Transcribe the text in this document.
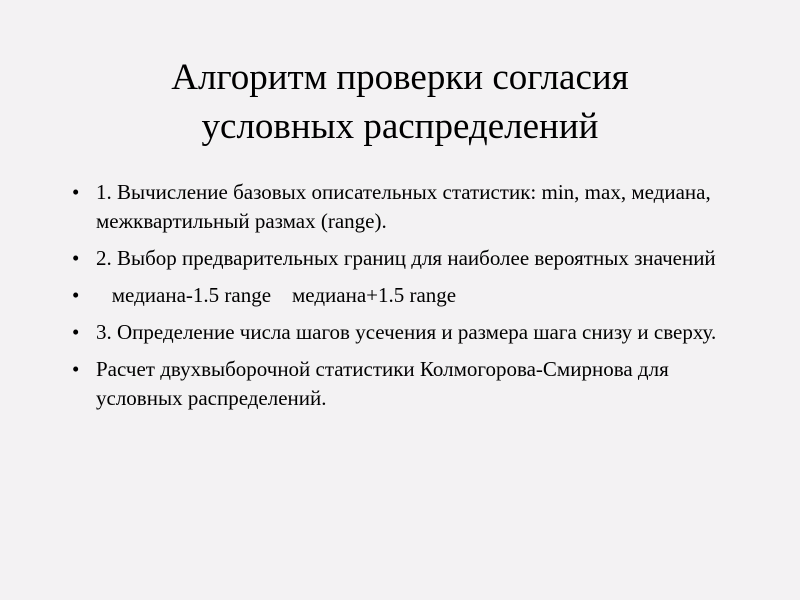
Алгоритм проверки согласия
условных распределений
• 1. Вычисление базовых описательных статистик: min, max, медиана, межквартильный размах (range).
• 2. Выбор предварительных границ для наиболее вероятных значений
• медиана-1.5 range    медиана+1.5 range
• 3. Определение числа шагов усечения и размера шага снизу и сверху.
• Расчет двухвыборочной статистики Колмогорова-Смирнова для условных распределений.
